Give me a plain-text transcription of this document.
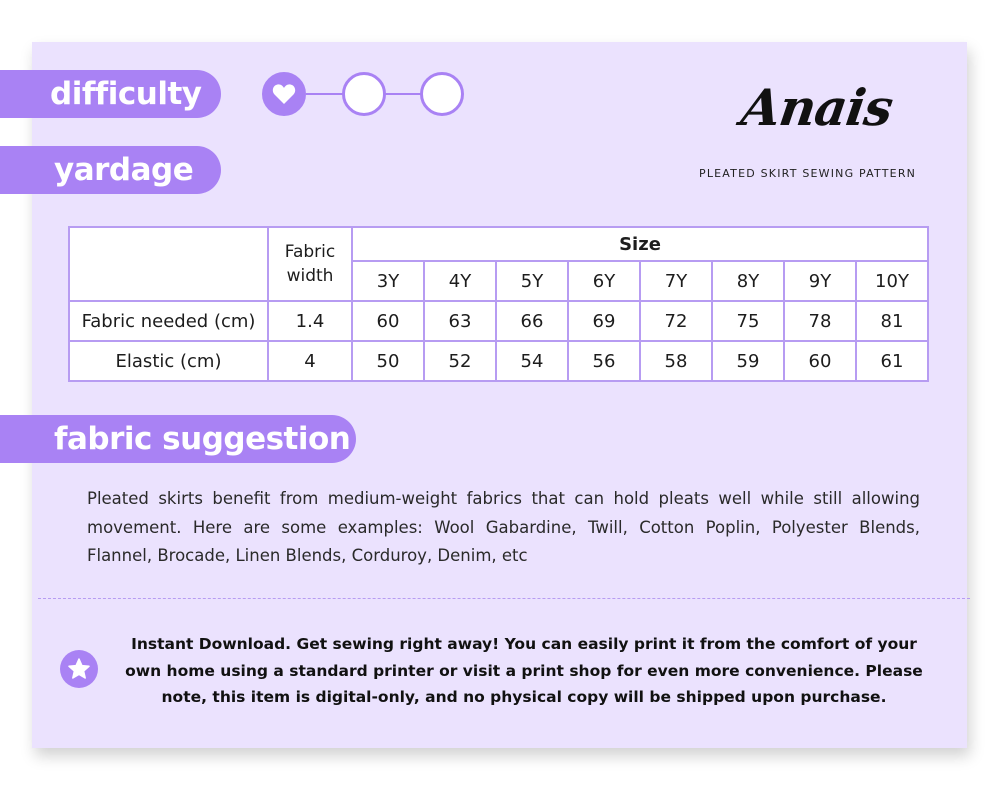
difficulty
yardage
Anais
PLEATED SKIRT SEWING PATTERN
	Fabric width	Size							
		3Y	4Y	5Y	6Y	7Y	8Y	9Y	10Y
Fabric needed (cm)	1.4	60	63	66	69	72	75	78	81
Elastic (cm)	4	50	52	54	56	58	59	60	61
fabric suggestion
Pleated skirts benefit from medium-weight fabrics that can hold pleats well while still allowing movement. Here are some examples: Wool Gabardine, Twill, Cotton Poplin, Polyester Blends, Flannel, Brocade, Linen Blends, Corduroy, Denim, etc
Instant Download. Get sewing right away! You can easily print it from the comfort of your own home using a standard printer or visit a print shop for even more convenience. Please note, this item is digital-only, and no physical copy will be shipped upon purchase.
